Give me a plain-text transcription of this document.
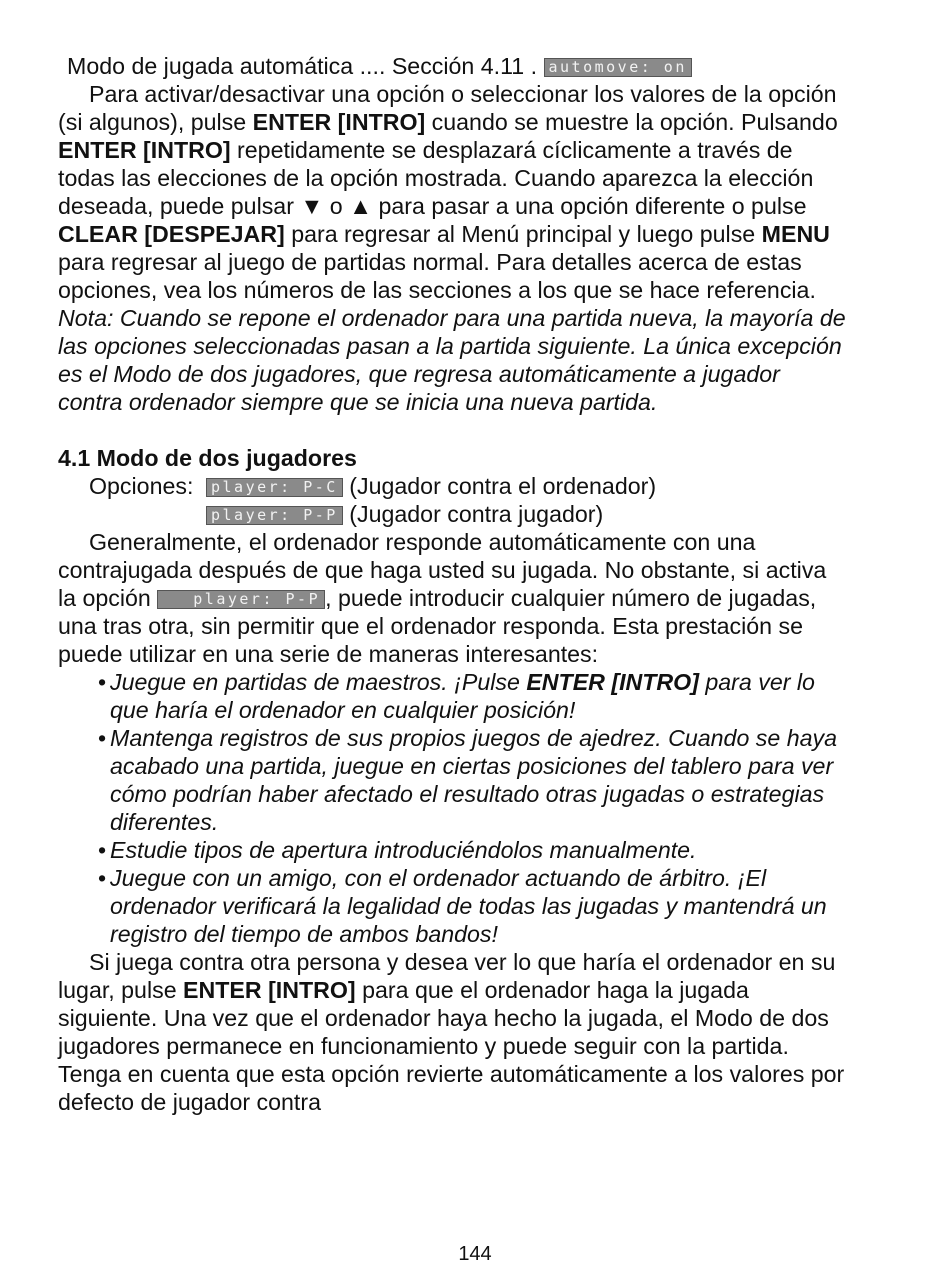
Modo de jugada automática .... Sección 4.11 . automove: on

Para activar/desactivar una opción o seleccionar los valores de la opción (si algunos), pulse ENTER [INTRO] cuando se muestre la opción. Pulsando ENTER [INTRO] repetidamente se desplazará cíclicamente a través de todas las elecciones de la opción mostrada. Cuando aparezca la elección deseada, puede pulsar ▼ o ▲ para pasar a una opción diferente o pulse CLEAR [DESPEJAR] para regresar al Menú principal y luego pulse MENU para regresar al juego de partidas normal. Para detalles acerca de estas opciones, vea los números de las secciones a los que se hace referencia. Nota: Cuando se repone el ordenador para una partida nueva, la mayoría de las opciones seleccionadas pasan a la partida siguiente. La única excepción es el Modo de dos jugadores, que regresa automáticamente a jugador contra ordenador siempre que se inicia una nueva partida.

4.1 Modo de dos jugadores
Opciones:	player: P-C (Jugador contra el ordenador)
player: P-P (Jugador contra jugador)

Generalmente, el ordenador responde automáticamente con una contrajugada después de que haga usted su jugada. No obstante, si activa la opción player: P-P , puede introducir cualquier número de jugadas, una tras otra, sin permitir que el ordenador responda. Esta prestación se puede utilizar en una serie de maneras interesantes:

• Juegue en partidas de maestros. ¡Pulse ENTER [INTRO] para ver lo que haría el ordenador en cualquier posición!
• Mantenga registros de sus propios juegos de ajedrez. Cuando se haya acabado una partida, juegue en ciertas posiciones del tablero para ver cómo podrían haber afectado el resultado otras jugadas o estrategias diferentes.
• Estudie tipos de apertura introduciéndolos manualmente.
• Juegue con un amigo, con el ordenador actuando de árbitro. ¡El ordenador verificará la legalidad de todas las jugadas y mantendrá un registro del tiempo de ambos bandos!

Si juega contra otra persona y desea ver lo que haría el ordenador en su lugar, pulse ENTER [INTRO] para que el ordenador haga la jugada siguiente. Una vez que el ordenador haya hecho la jugada, el Modo de dos jugadores permanece en funcionamiento y puede seguir con la partida. Tenga en cuenta que esta opción revierte automáticamente a los valores por defecto de jugador contra

144
